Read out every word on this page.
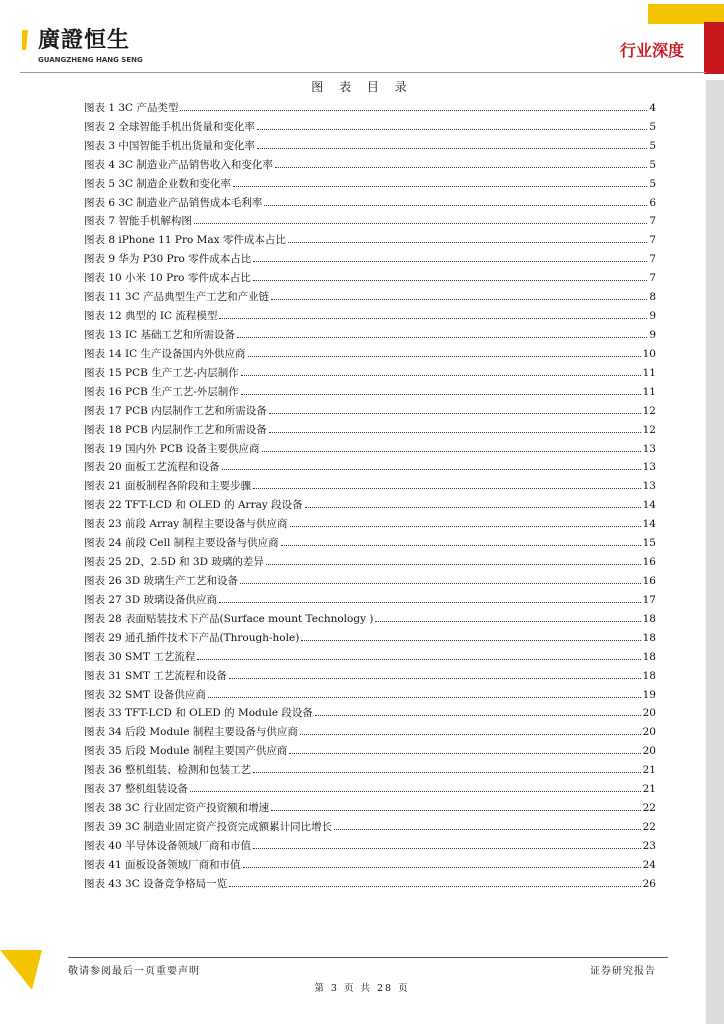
廣證恒生
GUANGZHENG HANG SENG	行业深度
图 表 目 录
图表 1 3C 产品类型	4
图表 2 全球智能手机出货量和变化率	5
图表 3 中国智能手机出货量和变化率	5
图表 4 3C 制造业产品销售收入和变化率	5
图表 5 3C 制造企业数和变化率	5
图表 6 3C 制造业产品销售成本毛利率	6
图表 7 智能手机解构图	7
图表 8 iPhone 11 Pro Max 零件成本占比	7
图表 9 华为 P30 Pro 零件成本占比	7
图表 10 小米 10 Pro 零件成本占比	7
图表 11 3C 产品典型生产工艺和产业链	8
图表 12 典型的 IC 流程模型	9
图表 13 IC 基础工艺和所需设备	9
图表 14 IC 生产设备国内外供应商	10
图表 15 PCB 生产工艺-内层制作	11
图表 16 PCB 生产工艺-外层制作	11
图表 17 PCB 内层制作工艺和所需设备	12
图表 18 PCB 内层制作工艺和所需设备	12
图表 19 国内外 PCB 设备主要供应商	13
图表 20 面板工艺流程和设备	13
图表 21 面板制程各阶段和主要步骤	13
图表 22 TFT-LCD 和 OLED 的 Array 段设备	14
图表 23 前段 Array 制程主要设备与供应商	14
图表 24 前段 Cell 制程主要设备与供应商	15
图表 25 2D、2.5D 和 3D 玻璃的差异	16
图表 26 3D 玻璃生产工艺和设备	16
图表 27 3D 玻璃设备供应商	17
图表 28 表面贴装技术下产品(Surface mount Technology )	18
图表 29 通孔插件技术下产品(Through-hole)	18
图表 30 SMT 工艺流程	18
图表 31 SMT 工艺流程和设备	18
图表 32 SMT 设备供应商	19
图表 33 TFT-LCD 和 OLED 的 Module 段设备	20
图表 34 后段 Module 制程主要设备与供应商	20
图表 35 后段 Module 制程主要国产供应商	20
图表 36 整机组装、检测和包装工艺	21
图表 37 整机组装设备	21
图表 38 3C 行业固定资产投资额和增速	22
图表 39 3C 制造业固定资产投资完成额累计同比增长	22
图表 40 半导体设备领域厂商和市值	23
图表 41 面板设备领域厂商和市值	24
图表 43 3C 设备竞争格局一览	26
敬请参阅最后一页重要声明	证券研究报告
第 3 页 共 28 页
